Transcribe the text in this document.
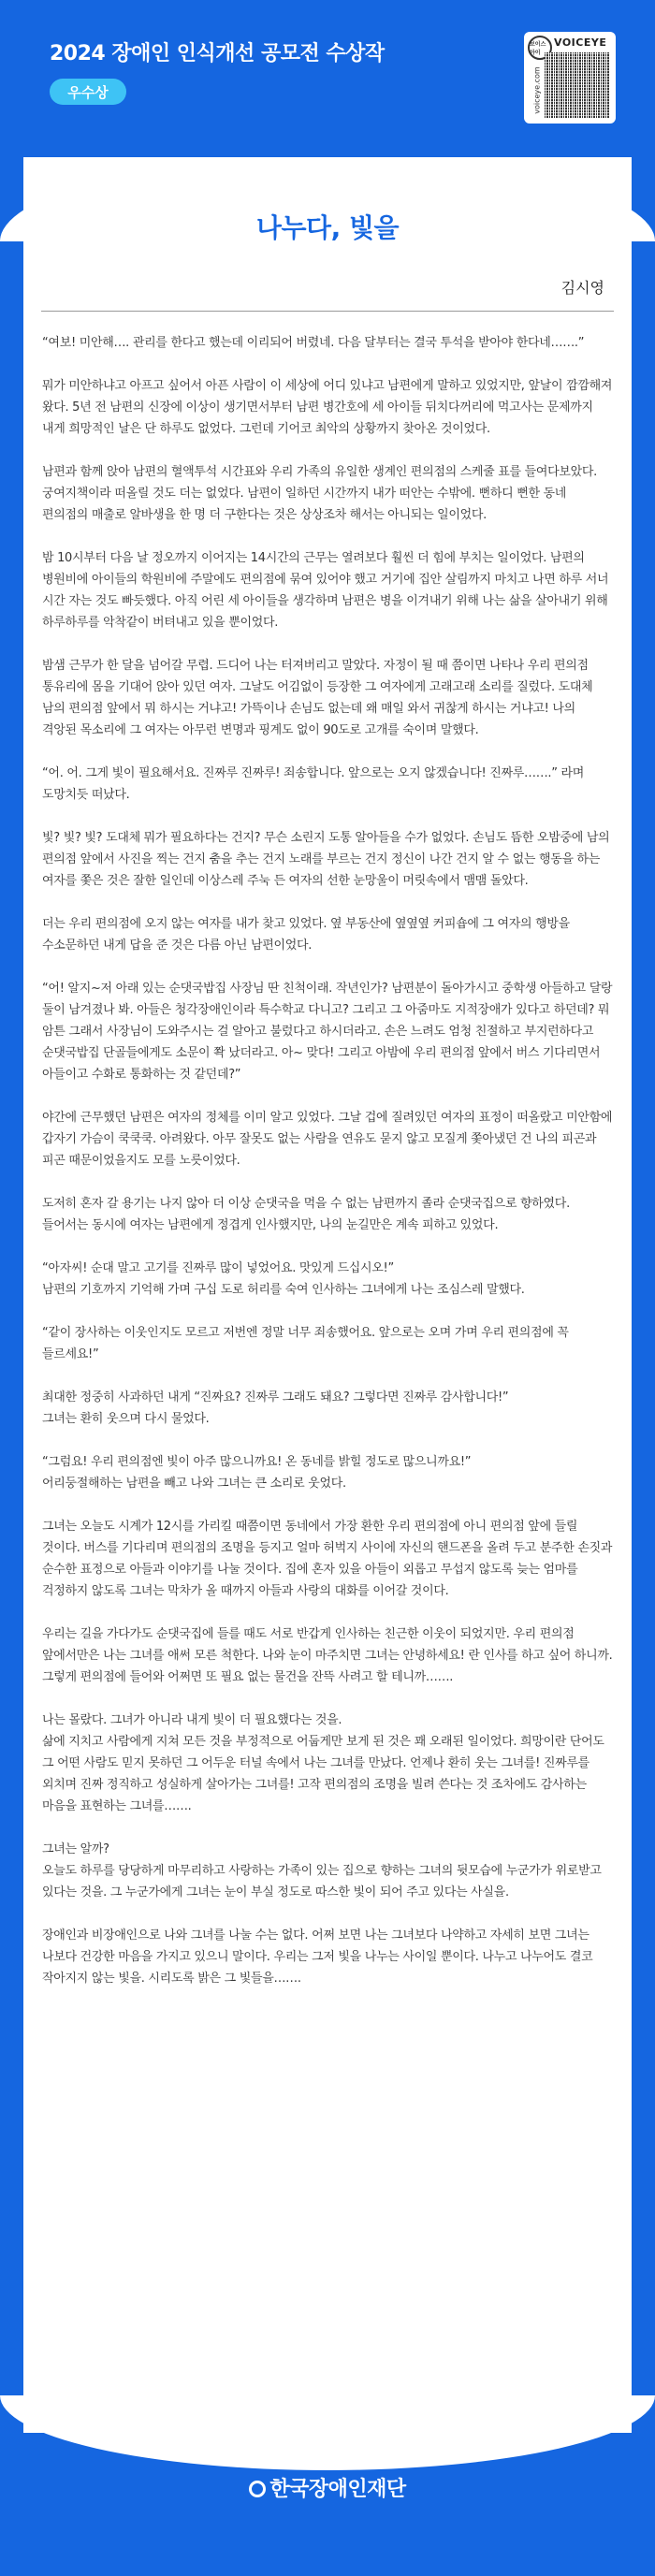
2024 장애인 인식개선 공모전 수상작
우수상
보이스아이
VOICEYE
voiceye.com
나누다, 빛을
김시영

“여보! 미안해…. 관리를 한다고 했는데 이리되어 버렸네. 다음 달부터는 결국 투석을 받아야 한다네…….”

뭐가 미안하냐고 아프고 싶어서 아픈 사람이 이 세상에 어디 있냐고 남편에게 말하고 있었지만, 앞날이 깜깜해져 왔다. 5년 전 남편의 신장에 이상이 생기면서부터 남편 병간호에 세 아이들 뒤치다꺼리에 먹고사는 문제까지 내게 희망적인 날은 단 하루도 없었다. 그런데 기어코 최악의 상황까지 찾아온 것이었다.

남편과 함께 앉아 남편의 혈액투석 시간표와 우리 가족의 유일한 생계인 편의점의 스케줄 표를 들여다보았다. 궁여지책이라 떠올릴 것도 더는 없었다. 남편이 일하던 시간까지 내가 떠안는 수밖에. 뻔하디 뻔한 동네 편의점의 매출로 알바생을 한 명 더 구한다는 것은 상상조차 해서는 아니되는 일이었다.

밤 10시부터 다음 날 정오까지 이어지는 14시간의 근무는 열려보다 훨씬 더 힘에 부치는 일이었다. 남편의 병원비에 아이들의 학원비에 주말에도 편의점에 묶여 있어야 했고 거기에 집안 살림까지 마치고 나면 하루 서너 시간 자는 것도 빠듯했다. 아직 어린 세 아이들을 생각하며 남편은 병을 이겨내기 위해 나는 삶을 살아내기 위해 하루하루를 악착같이 버텨내고 있을 뿐이었다.

밤샘 근무가 한 달을 넘어갈 무렵. 드디어 나는 터져버리고 말았다. 자정이 될 때 쯤이면 나타나 우리 편의점 통유리에 몸을 기대어 앉아 있던 여자. 그날도 어김없이 등장한 그 여자에게 고래고래 소리를 질렀다. 도대체 남의 편의점 앞에서 뭐 하시는 거냐고! 가뜩이나 손님도 없는데 왜 매일 와서 귀찮게 하시는 거냐고! 나의 격앙된 목소리에 그 여자는 아무런 변명과 핑계도 없이 90도로 고개를 숙이며 말했다.

“어. 어. 그게 빛이 필요해서요. 진짜루 진짜루! 죄송합니다. 앞으로는 오지 않겠습니다! 진짜루…….” 라며 도망치듯 떠났다.

빛? 빛? 빛? 도대체 뭐가 필요하다는 건지? 무슨 소린지 도통 알아들을 수가 없었다. 손님도 뜸한 오밤중에 남의 편의점 앞에서 사진을 찍는 건지 춤을 추는 건지 노래를 부르는 건지 정신이 나간 건지 알 수 없는 행동을 하는 여자를 쫓은 것은 잘한 일인데 이상스레 주눅 든 여자의 선한 눈망울이 머릿속에서 맴맴 돌았다.

더는 우리 편의점에 오지 않는 여자를 내가 찾고 있었다. 옆 부동산에 옆옆옆 커피숍에 그 여자의 행방을 수소문하던 내게 답을 준 것은 다름 아닌 남편이었다.

“어! 알지~저 아래 있는 순댓국밥집 사장님 딴 친척이래. 작년인가? 남편분이 돌아가시고 중학생 아들하고 달랑 둘이 남겨졌나 봐. 아들은 청각장애인이라 특수학교 다니고? 그리고 그 아줌마도 지적장애가 있다고 하던데? 뭐 암튼 그래서 사장님이 도와주시는 걸 알아고 불렀다고 하시더라고. 손은 느려도 엄청 친절하고 부지런하다고 순댓국밥집 단골들에게도 소문이 쫙 났더라고. 아~ 맞다! 그리고 아밤에 우리 편의점 앞에서 버스 기다리면서 아들이고 수화로 통화하는 것 같던데?”

야간에 근무했던 남편은 여자의 정체를 이미 알고 있었다. 그날 겁에 질려있던 여자의 표정이 떠올랐고 미안함에 갑자기 가슴이 쿡쿡쿡. 아려왔다. 아무 잘못도 없는 사람을 연유도 묻지 않고 모질게 쫓아냈던 건 나의 피곤과 피곤 때문이었을지도 모를 노릇이었다.

도저히 혼자 갈 용기는 나지 않아 더 이상 순댓국을 먹을 수 없는 남편까지 졸라 순댓국집으로 향하였다. 들어서는 동시에 여자는 남편에게 정겹게 인사했지만, 나의 눈길만은 계속 피하고 있었다.

“아자씨! 순대 말고 고기를 진짜루 많이 넣었어요. 맛있게 드십시오!”
남편의 기호까지 기억해 가며 구십 도로 허리를 숙여 인사하는 그녀에게 나는 조심스레 말했다.

“같이 장사하는 이웃인지도 모르고 저번엔 정말 너무 죄송했어요. 앞으로는 오며 가며 우리 편의점에 꼭 들르세요!”

최대한 정중히 사과하던 내게 “진짜요? 진짜루 그래도 돼요? 그렇다면 진짜루 감사합니다!”
그녀는 환히 웃으며 다시 물었다.

“그럼요! 우리 편의점엔 빛이 아주 많으니까요! 온 동네를 밝힐 정도로 많으니까요!”
어리둥절해하는 남편을 빼고 나와 그녀는 큰 소리로 웃었다.

그녀는 오늘도 시계가 12시를 가리킬 때쯤이면 동네에서 가장 환한 우리 편의점에 아니 편의점 앞에 들릴 것이다. 버스를 기다리며 편의점의 조명을 등지고 얼마 허벅지 사이에 자신의 핸드폰을 올려 두고 분주한 손짓과 순수한 표정으로 아들과 이야기를 나눌 것이다. 집에 혼자 있을 아들이 외롭고 무섭지 않도록 늦는 엄마를 걱정하지 않도록 그녀는 막차가 올 때까지 아들과 사랑의 대화를 이어갈 것이다.

우리는 길을 가다가도 순댓국집에 들를 때도 서로 반갑게 인사하는 친근한 이웃이 되었지만. 우리 편의점 앞에서만은 나는 그녀를 애써 모른 척한다. 나와 눈이 마주치면 그녀는 안녕하세요! 란 인사를 하고 싶어 하니까. 그렇게 편의점에 들어와 어쩌면 또 필요 없는 물건을 잔뜩 사려고 할 테니까…….

나는 몰랐다. 그녀가 아니라 내게 빛이 더 필요했다는 것을.
삶에 지치고 사람에게 지쳐 모든 것을 부정적으로 어둡게만 보게 된 것은 꽤 오래된 일이었다. 희망이란 단어도 그 어떤 사람도 믿지 못하던 그 어두운 터널 속에서 나는 그녀를 만났다. 언제나 환히 웃는 그녀를! 진짜루를 외치며 진짜 정직하고 성실하게 살아가는 그녀를! 고작 편의점의 조명을 빌려 쓴다는 것 조차에도 감사하는 마음을 표현하는 그녀를…….

그녀는 알까?
오늘도 하루를 당당하게 마무리하고 사랑하는 가족이 있는 집으로 향하는 그녀의 뒷모습에 누군가가 위로받고 있다는 것을. 그 누군가에게 그녀는 눈이 부실 정도로 따스한 빛이 되어 주고 있다는 사실을.

장애인과 비장애인으로 나와 그녀를 나눌 수는 없다. 어쩌 보면 나는 그녀보다 나약하고 자세히 보면 그녀는 나보다 건강한 마음을 가지고 있으니 말이다. 우리는 그저 빛을 나누는 사이일 뿐이다. 나누고 나누어도 결코 작아지지 않는 빛을. 시리도록 밝은 그 빛들을…….

한국장애인재단
